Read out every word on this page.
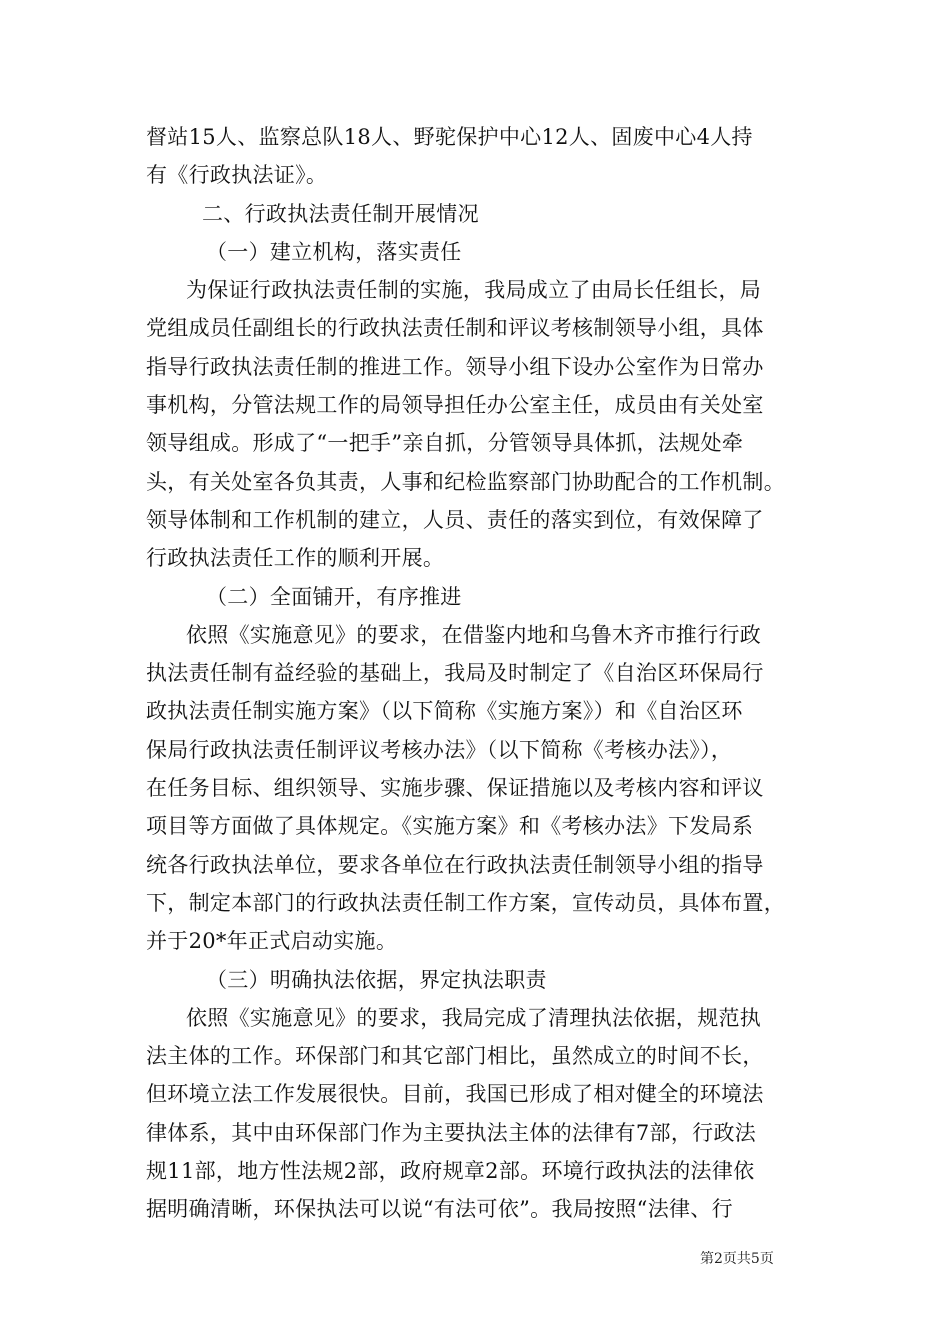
督站15人、监察总队18人、野驼保护中心12人、固废中心4人持
有《行政执法证》。
二、行政执法责任制开展情况
（一）建立机构，落实责任
为保证行政执法责任制的实施，我局成立了由局长任组长，局
党组成员任副组长的行政执法责任制和评议考核制领导小组，具体
指导行政执法责任制的推进工作。领导小组下设办公室作为日常办
事机构，分管法规工作的局领导担任办公室主任，成员由有关处室
领导组成。形成了“一把手”亲自抓，分管领导具体抓，法规处牵
头，有关处室各负其责，人事和纪检监察部门协助配合的工作机制。
领导体制和工作机制的建立，人员、责任的落实到位，有效保障了
行政执法责任工作的顺利开展。
（二）全面铺开，有序推进
依照《实施意见》的要求，在借鉴内地和乌鲁木齐市推行行政
执法责任制有益经验的基础上，我局及时制定了《自治区环保局行
政执法责任制实施方案》（以下简称《实施方案》）和《自治区环
保局行政执法责任制评议考核办法》（以下简称《考核办法》），
在任务目标、组织领导、实施步骤、保证措施以及考核内容和评议
项目等方面做了具体规定。《实施方案》和《考核办法》下发局系
统各行政执法单位，要求各单位在行政执法责任制领导小组的指导
下，制定本部门的行政执法责任制工作方案，宣传动员，具体布置，
并于20*年正式启动实施。
（三）明确执法依据，界定执法职责
依照《实施意见》的要求，我局完成了清理执法依据，规范执
法主体的工作。环保部门和其它部门相比，虽然成立的时间不长，
但环境立法工作发展很快。目前，我国已形成了相对健全的环境法
律体系，其中由环保部门作为主要执法主体的法律有7部，行政法
规11部，地方性法规2部，政府规章2部。环境行政执法的法律依
据明确清晰，环保执法可以说“有法可依”。我局按照“法律、行
第2页共5页
